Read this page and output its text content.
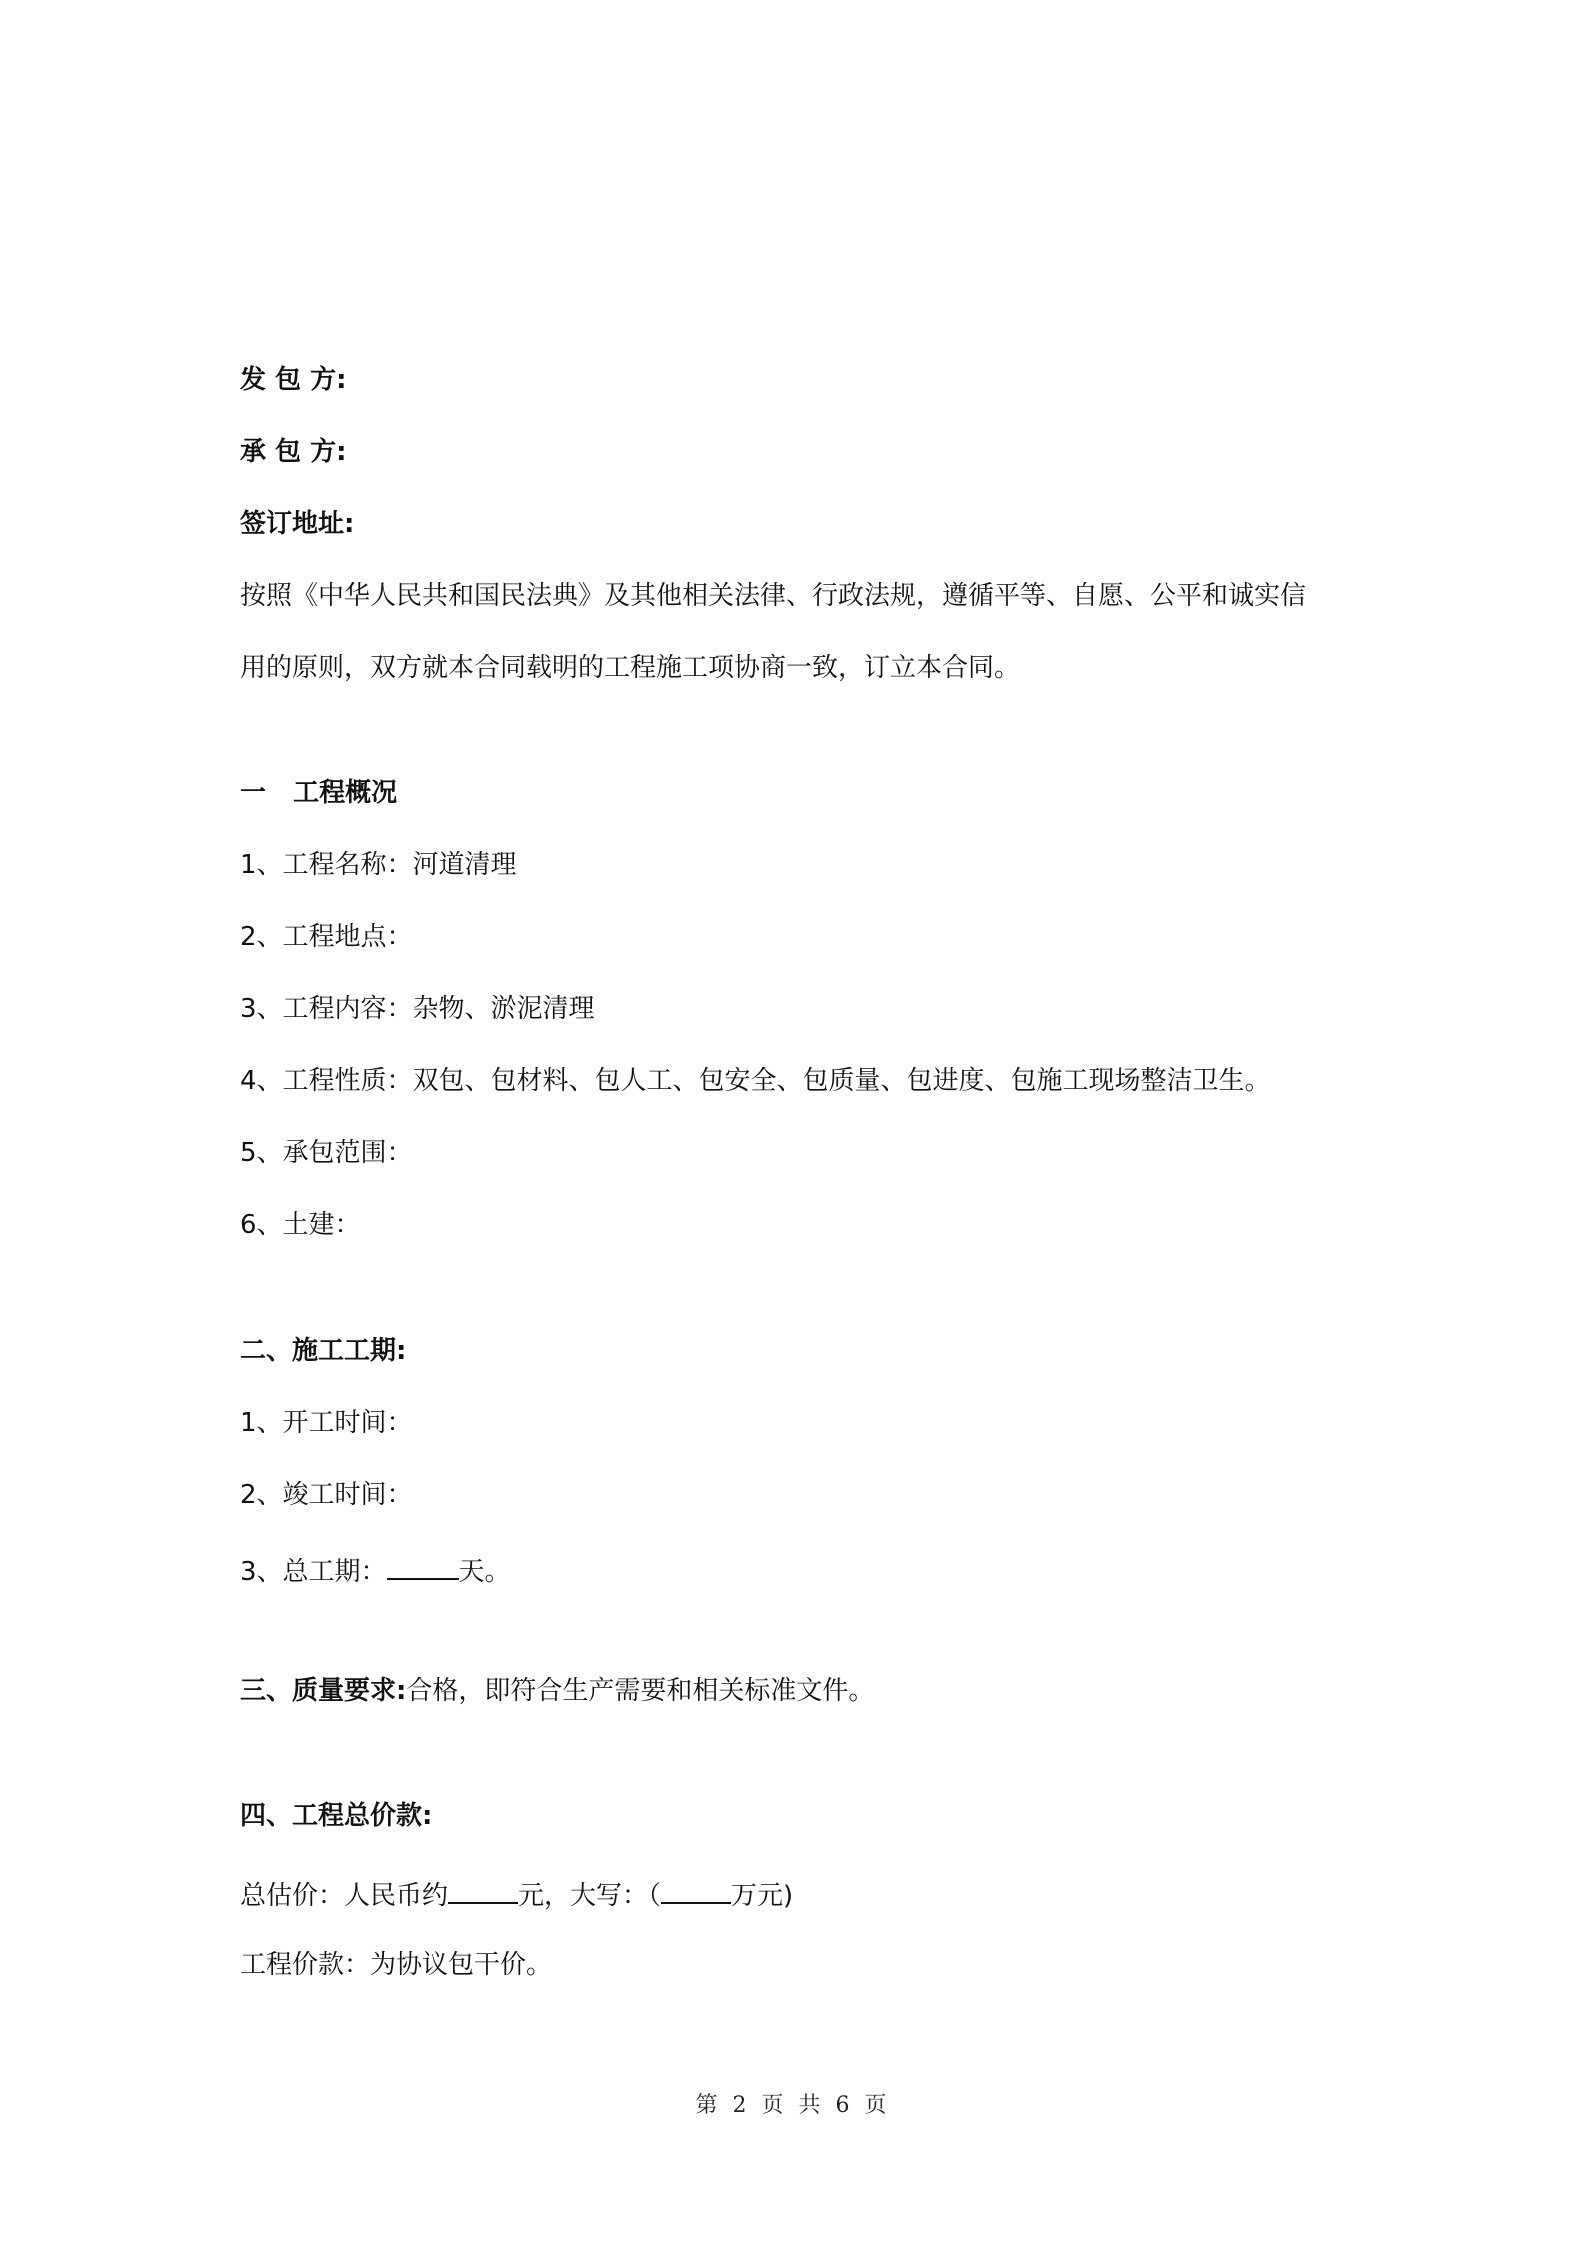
发 包 方:
承 包 方:
签订地址:
按照《中华人民共和国民法典》及其他相关法律、行政法规，遵循平等、自愿、公平和诚实信
用的原则，双方就本合同载明的工程施工项协商一致，订立本合同。
一   工程概况
1、工程名称：河道清理
2、工程地点：
3、工程内容：杂物、淤泥清理
4、工程性质：双包、包材料、包人工、包安全、包质量、包进度、包施工现场整洁卫生。
5、承包范围：
6、土建：
二、施工工期:
1、开工时间：
2、竣工时间：
3、总工期：	天。
三、质量要求:合格，即符合生产需要和相关标准文件。
四、工程总价款:
总估价：人民币约	元，大写：（	万元)
工程价款：为协议包干价。
第 2 页 共 6 页
